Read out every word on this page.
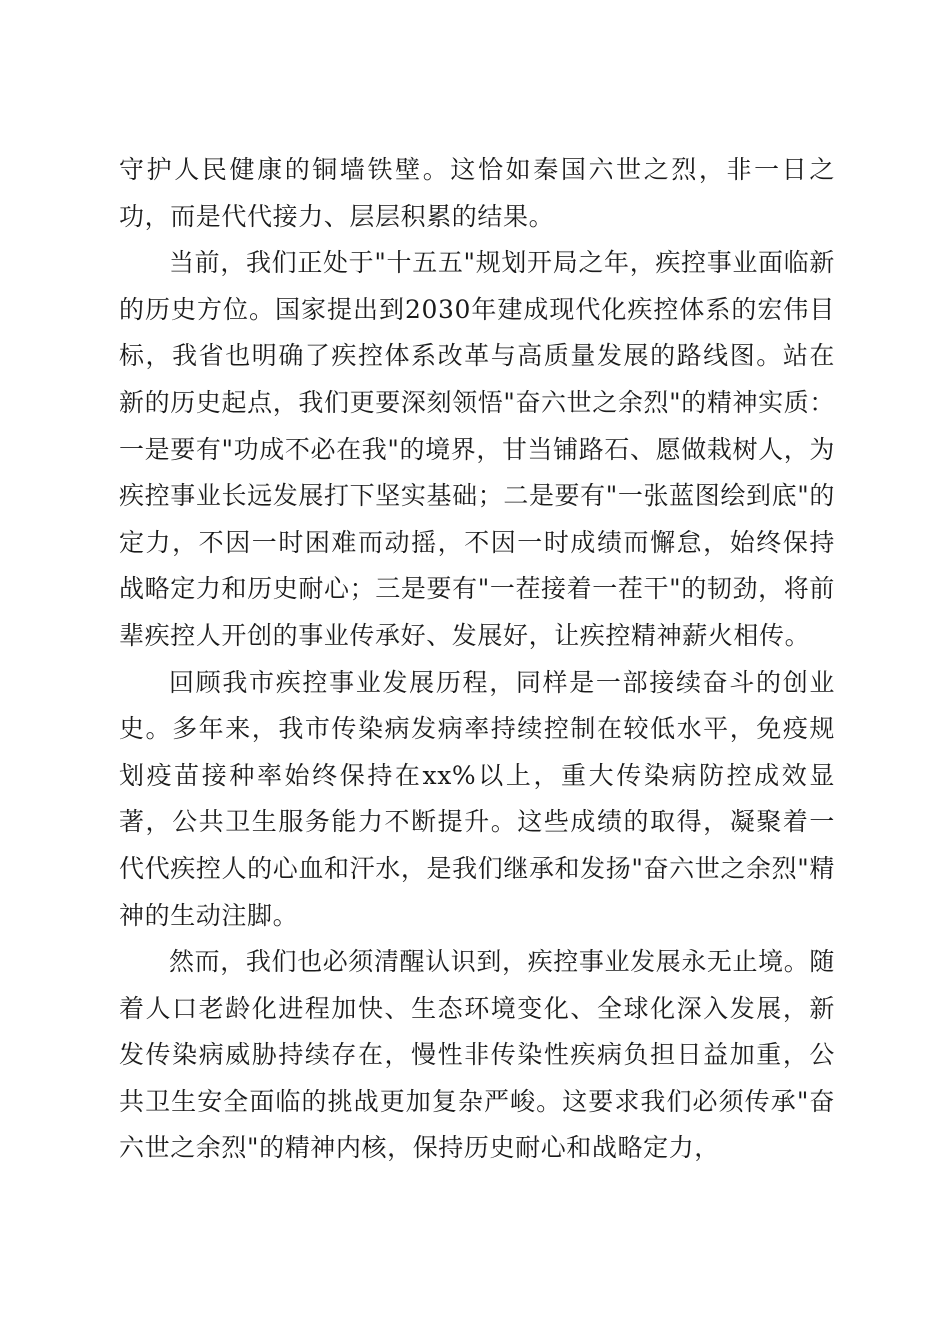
守护人民健康的铜墙铁壁。这恰如秦国六世之烈，非一日之功，而是代代接力、层层积累的结果。

当前，我们正处于"十五五"规划开局之年，疾控事业面临新的历史方位。国家提出到2030年建成现代化疾控体系的宏伟目标，我省也明确了疾控体系改革与高质量发展的路线图。站在新的历史起点，我们更要深刻领悟"奋六世之余烈"的精神实质：一是要有"功成不必在我"的境界，甘当铺路石、愿做栽树人，为疾控事业长远发展打下坚实基础；二是要有"一张蓝图绘到底"的定力，不因一时困难而动摇，不因一时成绩而懈怠，始终保持战略定力和历史耐心；三是要有"一茬接着一茬干"的韧劲，将前辈疾控人开创的事业传承好、发展好，让疾控精神薪火相传。

回顾我市疾控事业发展历程，同样是一部接续奋斗的创业史。多年来，我市传染病发病率持续控制在较低水平，免疫规划疫苗接种率始终保持在xx%以上，重大传染病防控成效显著，公共卫生服务能力不断提升。这些成绩的取得，凝聚着一代代疾控人的心血和汗水，是我们继承和发扬"奋六世之余烈"精神的生动注脚。

然而，我们也必须清醒认识到，疾控事业发展永无止境。随着人口老龄化进程加快、生态环境变化、全球化深入发展，新发传染病威胁持续存在，慢性非传染性疾病负担日益加重，公共卫生安全面临的挑战更加复杂严峻。这要求我们必须传承"奋六世之余烈"的精神内核，保持历史耐心和战略定力，
